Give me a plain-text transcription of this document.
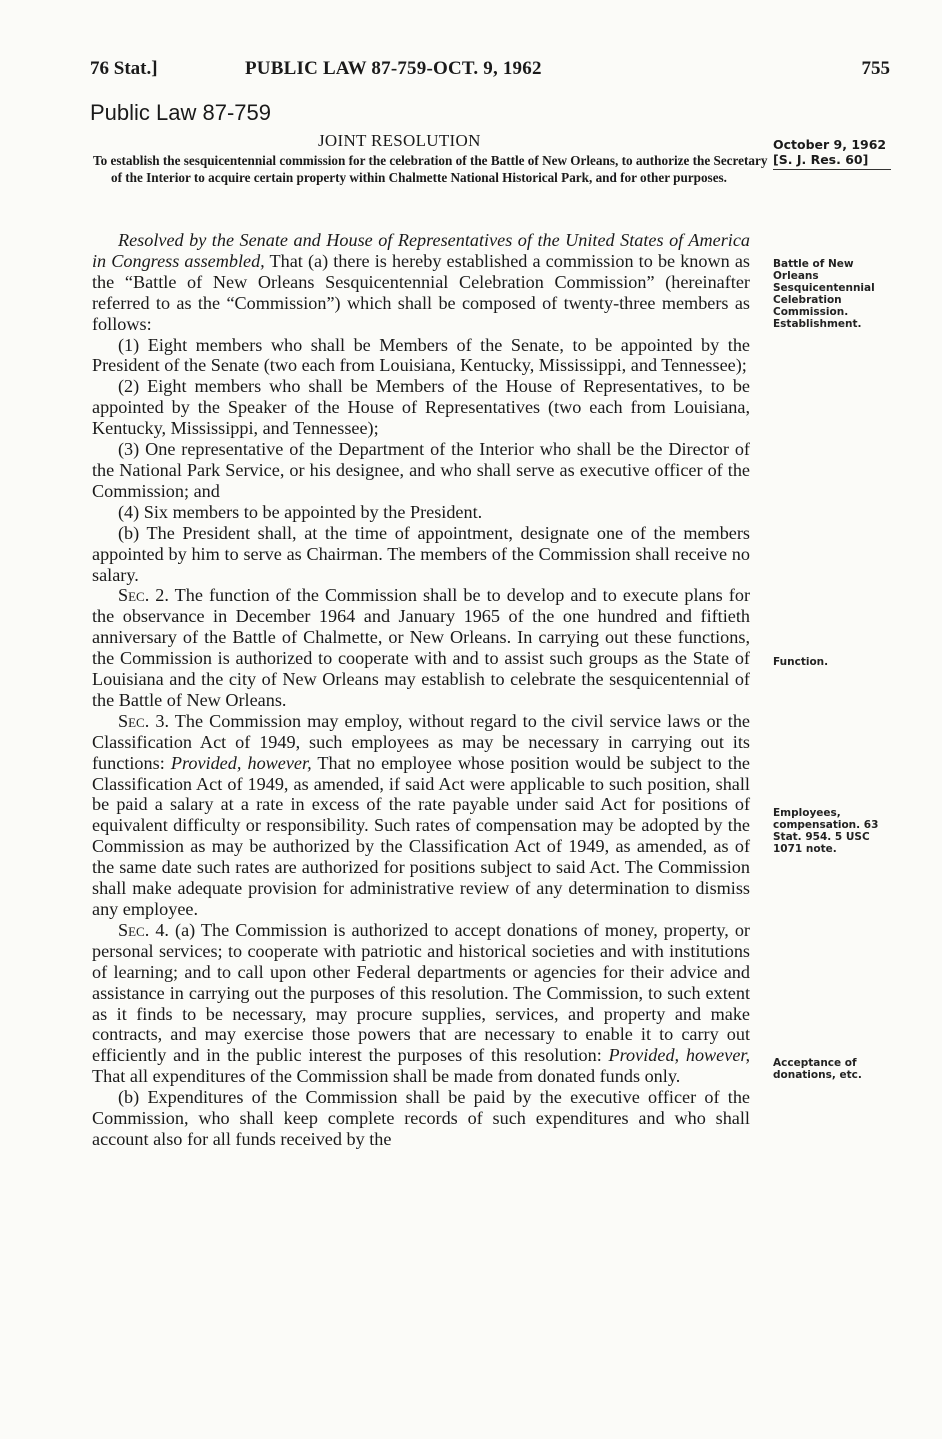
76 Stat.]	PUBLIC LAW 87-759-OCT. 9, 1962	755
Public Law 87-759
JOINT RESOLUTION	October 9, 1962
[S. J. Res. 60]
To establish the sesquicentennial commission for the celebration of the Battle of New Orleans, to authorize the Secretary of the Interior to acquire certain property within Chalmette National Historical Park, and for other purposes.
Battle of New Orleans Sesquicentennial Celebration Commission. Establishment.
Function.
Employees, compensation. 63 Stat. 954. 5 USC 1071 note.
Acceptance of donations, etc.

Resolved by the Senate and House of Representatives of the United States of America in Congress assembled, That (a) there is hereby established a commission to be known as the “Battle of New Orleans Sesquicentennial Celebration Commission” (hereinafter referred to as the “Commission”) which shall be composed of twenty-three members as follows:

(1) Eight members who shall be Members of the Senate, to be appointed by the President of the Senate (two each from Louisiana, Kentucky, Mississippi, and Tennessee);

(2) Eight members who shall be Members of the House of Representatives, to be appointed by the Speaker of the House of Representatives (two each from Louisiana, Kentucky, Mississippi, and Tennessee);

(3) One representative of the Department of the Interior who shall be the Director of the National Park Service, or his designee, and who shall serve as executive officer of the Commission; and

(4) Six members to be appointed by the President.

(b) The President shall, at the time of appointment, designate one of the members appointed by him to serve as Chairman. The members of the Commission shall receive no salary.

Sec. 2. The function of the Commission shall be to develop and to execute plans for the observance in December 1964 and January 1965 of the one hundred and fiftieth anniversary of the Battle of Chalmette, or New Orleans. In carrying out these functions, the Commission is authorized to cooperate with and to assist such groups as the State of Louisiana and the city of New Orleans may establish to celebrate the sesquicentennial of the Battle of New Orleans.

Sec. 3. The Commission may employ, without regard to the civil service laws or the Classification Act of 1949, such employees as may be necessary in carrying out its functions: Provided, however, That no employee whose position would be subject to the Classification Act of 1949, as amended, if said Act were applicable to such position, shall be paid a salary at a rate in excess of the rate payable under said Act for positions of equivalent difficulty or responsibility. Such rates of compensation may be adopted by the Commission as may be authorized by the Classification Act of 1949, as amended, as of the same date such rates are authorized for positions subject to said Act. The Commission shall make adequate provision for administrative review of any determination to dismiss any employee.

Sec. 4. (a) The Commission is authorized to accept donations of money, property, or personal services; to cooperate with patriotic and historical societies and with institutions of learning; and to call upon other Federal departments or agencies for their advice and assistance in carrying out the purposes of this resolution. The Commission, to such extent as it finds to be necessary, may procure supplies, services, and property and make contracts, and may exercise those powers that are necessary to enable it to carry out efficiently and in the public interest the purposes of this resolution: Provided, however, That all expenditures of the Commission shall be made from donated funds only.

(b) Expenditures of the Commission shall be paid by the executive officer of the Commission, who shall keep complete records of such expenditures and who shall account also for all funds received by the
